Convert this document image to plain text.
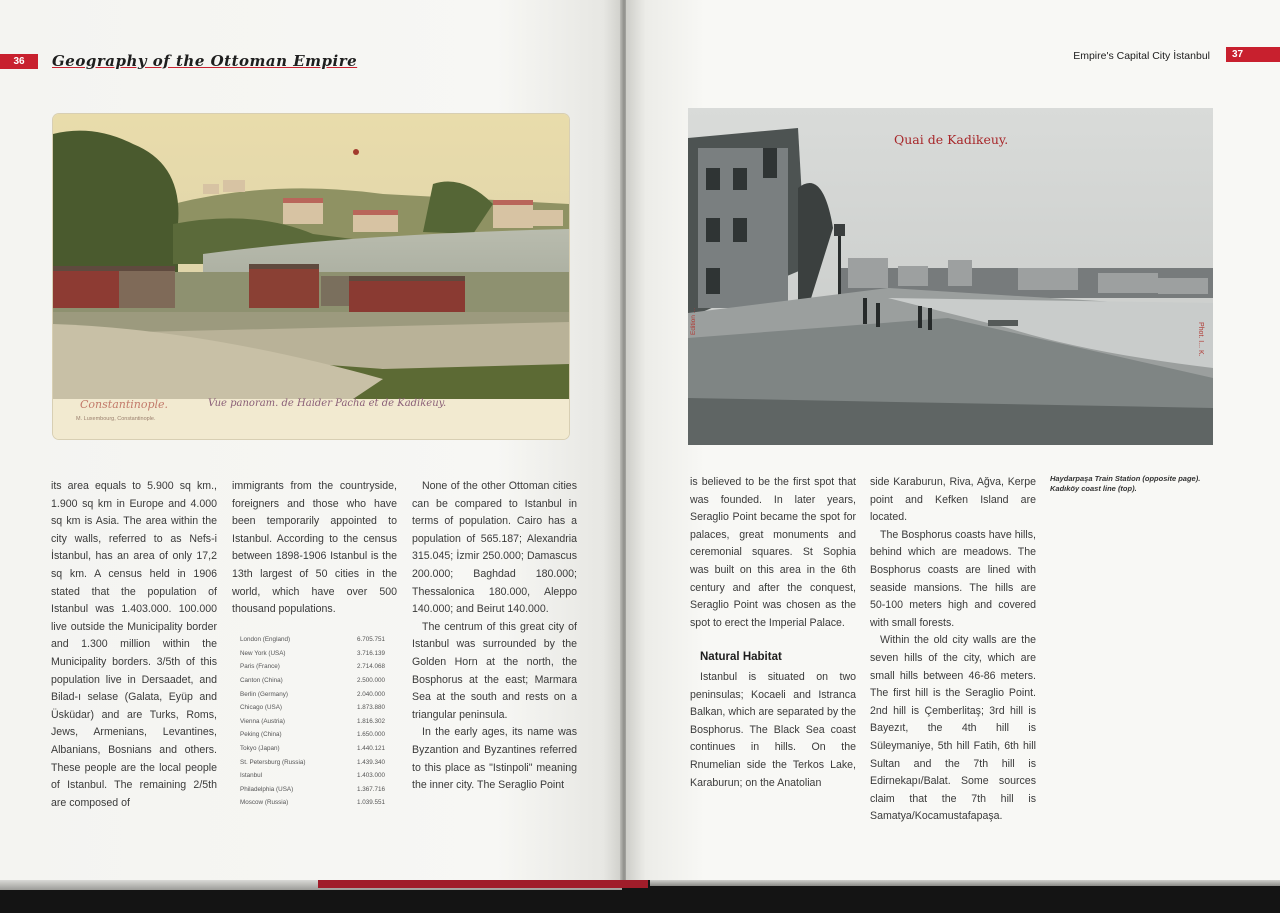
36	Geography of the Ottoman Empire
Constantinople.	Vue panoram. de Haider Pacha et de Kadikeuy.
M. Luxembourg, Constantinople.

its area equals to 5.900 sq km., 1.900 sq km in Europe and 4.000 sq km is Asia. The area within the city walls, referred to as Nefs-i İstanbul, has an area of only 17,2 sq km. A census held in 1906 stated that the population of Istanbul was 1.403.000. 100.000 live outside the Municipality border and 1.300 million within the Municipality borders. 3/5th of this population live in Dersaadet, and Bilad-ı selase (Galata, Eyüp and Üsküdar) and are Turks, Roms, Jews, Armenians, Levantines, Albanians, Bosnians and others. These people are the local people of Istanbul. The remaining 2/5th are composed of

immigrants from the countryside, foreigners and those who have been temporarily appointed to Istanbul. According to the census between 1898-1906 Istanbul is the 13th largest of 50 cities in the world, which have over 500 thousand populations.

London (England)	6.705.751
New York (USA)	3.716.139
Paris (France)	2.714.068
Canton (China)	2.500.000
Berlin (Germany)	2.040.000
Chicago (USA)	1.873.880
Vienna (Austria)	1.816.302
Peking (China)	1.650.000
Tokyo (Japan)	1.440.121
St. Petersburg (Russia)	1.439.340
Istanbul	1.403.000
Philadelphia (USA)	1.367.716
Moscow (Russia)	1.039.551

None of the other Ottoman cities can be compared to Istanbul in terms of population. Cairo has a population of 565.187; Alexandria 315.045; İzmir 250.000; Damascus 200.000; Baghdad 180.000; Thessalonica 180.000, Aleppo 140.000; and Beirut 140.000.

The centrum of this great city of Istanbul was surrounded by the Golden Horn at the north, the Bosphorus at the east; Marmara Sea at the south and rests on a triangular peninsula.

In the early ages, its name was Byzantion and Byzantines referred to this place as "Istinpoli" meaning the inner city. The Seraglio Point

Empire's Capital City İstanbul	37
Quai de Kadikeuy.
Phot. I... K.
Edition ...

is believed to be the first spot that was founded. In later years, Seraglio Point became the spot for palaces, great monuments and ceremonial squares. St Sophia was built on this area in the 6th century and after the conquest, Seraglio Point was chosen as the spot to erect the Imperial Palace.

Natural Habitat

Istanbul is situated on two peninsulas; Kocaeli and Istranca Balkan, which are separated by the Bosphorus. The Black Sea coast continues in hills. On the Rnumelian side the Terkos Lake, Karaburun; on the Anatolian

side Karaburun, Riva, Ağva, Kerpe point and Kefken Island are located.

The Bosphorus coasts have hills, behind which are meadows. The Bosphorus coasts are lined with seaside mansions. The hills are 50-100 meters high and covered with small forests.

Within the old city walls are the seven hills of the city, which are small hills between 46-86 meters. The first hill is the Seraglio Point. 2nd hill is Çemberlitaş; 3rd hill is Bayezıt, the 4th hill is Süleymaniye, 5th hill Fatih, 6th hill Sultan and the 7th hill is Edirnekapı/Balat. Some sources claim that the 7th hill is Samatya/Kocamustafapaşa.

Haydarpaşa Train Station (opposite page). Kadıköy coast line (top).
